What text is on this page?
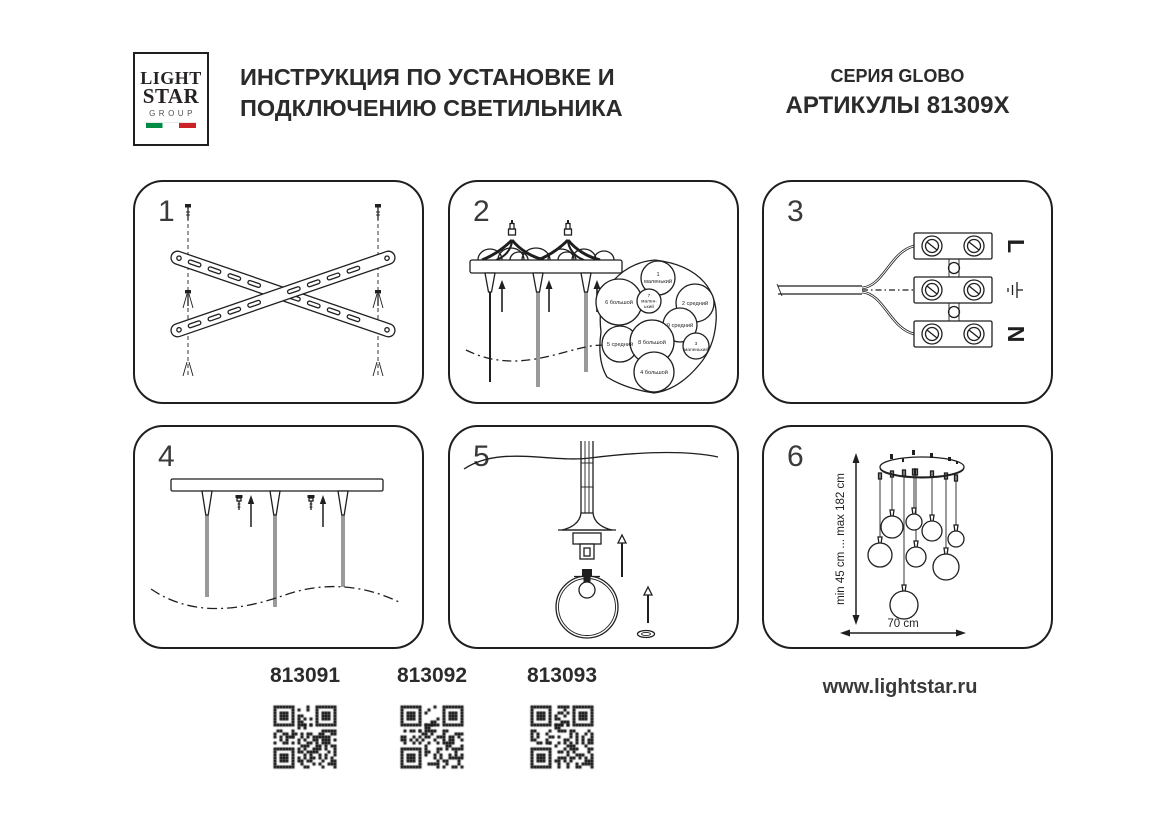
LIGHT
STAR
GROUP
ИНСТРУКЦИЯ ПО УСТАНОВКЕ И
ПОДКЛЮЧЕНИЮ СВЕТИЛЬНИКА
СЕРИЯ GLOBO
АРТИКУЛЫ 81309X
1	2
1
маленький
7
мален-
ький
6 большой	2 средний
9 средний
3
маленький
5 средний 8 большой
4 большой
3
L
N
4	5	6
min 45 cm ... max 182 cm
70 cm
813091	813092	813093	www.lightstar.ru
